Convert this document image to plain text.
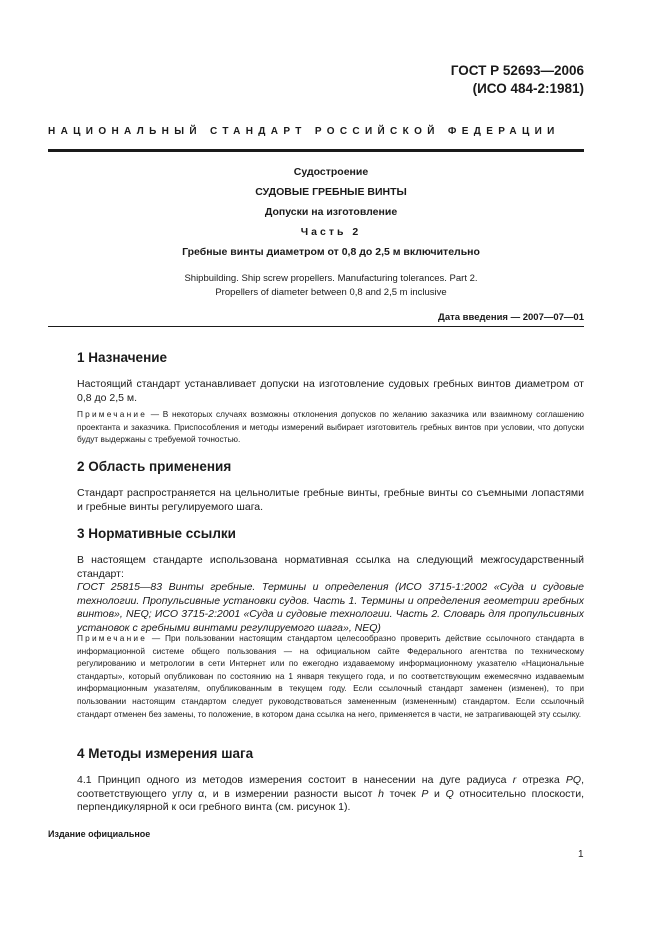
ГОСТ Р 52693—2006
(ИСО 484-2:1981)
НАЦИОНАЛЬНЫЙ СТАНДАРТ РОССИЙСКОЙ ФЕДЕРАЦИИ
Судостроение
СУДОВЫЕ ГРЕБНЫЕ ВИНТЫ
Допуски на изготовление
Часть 2
Гребные винты диаметром от 0,8 до 2,5 м включительно
Shipbuilding. Ship screw propellers. Manufacturing tolerances. Part 2.
Propellers of diameter between 0,8 and 2,5 m inclusive
Дата введения — 2007—07—01
1 Назначение
Настоящий стандарт устанавливает допуски на изготовление судовых гребных винтов диаметром от 0,8 до 2,5 м.
Примечание — В некоторых случаях возможны отклонения допусков по желанию заказчика или взаимному соглашению проектанта и заказчика. Приспособления и методы измерений выбирает изготовитель гребных винтов при условии, что допуски будут выдержаны с требуемой точностью.
2 Область применения
Стандарт распространяется на цельнолитые гребные винты, гребные винты со съемными лопастями и гребные винты регулируемого шага.
3 Нормативные ссылки
В настоящем стандарте использована нормативная ссылка на следующий межгосударственный стандарт:
ГОСТ 25815—83 Винты гребные. Термины и определения (ИСО 3715-1:2002 «Суда и судовые технологии. Пропульсивные установки судов. Часть 1. Термины и определения геометрии гребных винтов», NEQ; ИСО 3715-2:2001 «Суда и судовые технологии. Часть 2. Словарь для пропульсивных установок с гребными винтами регулируемого шага», NEQ)
Примечание — При пользовании настоящим стандартом целесообразно проверить действие ссылочного стандарта в информационной системе общего пользования — на официальном сайте Федерального агентства по техническому регулированию и метрологии в сети Интернет или по ежегодно издаваемому информационному указателю «Национальные стандарты», который опубликован по состоянию на 1 января текущего года, и по соответствующим ежемесячно издаваемым информационным указателям, опубликованным в текущем году. Если ссылочный стандарт заменен (изменен), то при пользовании настоящим стандартом следует руководствоваться замененным (измененным) стандартом. Если ссылочный стандарт отменен без замены, то положение, в котором дана ссылка на него, применяется в части, не затрагивающей эту ссылку.
4 Методы измерения шага
4.1 Принцип одного из методов измерения состоит в нанесении на дуге радиуса r отрезка PQ, соответствующего углу α, и в измерении разности высот h точек P и Q относительно плоскости, перпендикулярной к оси гребного винта (см. рисунок 1).
Издание официальное
1
